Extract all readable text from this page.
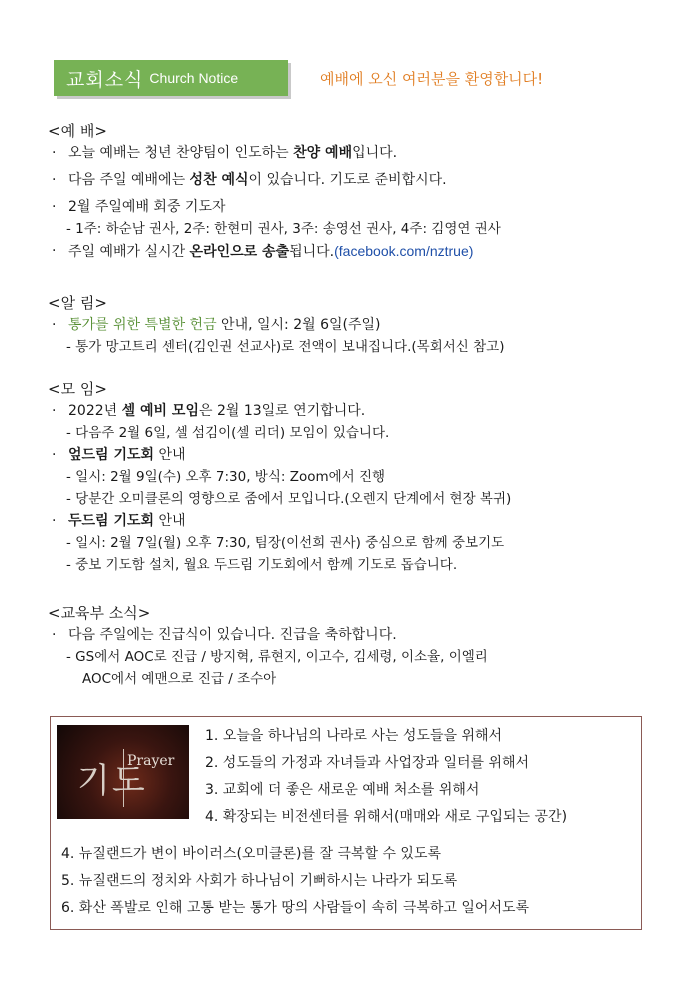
교회소식 Church Notice	예배에 오신 여러분을 환영합니다!
<예 배>
· 오늘 예배는 청년 찬양팀이 인도하는 찬양 예배입니다.
· 다음 주일 예배에는 성찬 예식이 있습니다. 기도로 준비합시다.
· 2월 주일예배 회중 기도자
- 1주: 하순남 권사, 2주: 한현미 권사, 3주: 송영선 권사, 4주: 김영연 권사
· 주일 예배가 실시간 온라인으로 송출됩니다.(facebook.com/nztrue)
<알 림>
· 통가를 위한 특별한 헌금 안내, 일시: 2월 6일(주일)
- 통가 망고트리 센터(김인권 선교사)로 전액이 보내집니다.(목회서신 참고)
<모 임>
· 2022년 셀 예비 모임은 2월 13일로 연기합니다.
- 다음주 2월 6일, 셀 섬김이(셀 리더) 모임이 있습니다.
· 엎드림 기도회 안내
- 일시: 2월 9일(수) 오후 7:30, 방식: Zoom에서 진행
- 당분간 오미클론의 영향으로 줌에서 모입니다.(오렌지 단계에서 현장 복귀)
· 두드림 기도회 안내
- 일시: 2월 7일(월) 오후 7:30, 팀장(이선희 권사) 중심으로 함께 중보기도
- 중보 기도함 설치, 월요 두드림 기도회에서 함께 기도로 돕습니다.
<교육부 소식>
· 다음 주일에는 진급식이 있습니다. 진급을 축하합니다.
- GS에서 AOC로 진급 / 방지혁, 류현지, 이고수, 김세령, 이소율, 이엘리
AOC에서 예맨으로 진급 / 조수아
기도
Prayer
1. 오늘을 하나님의 나라로 사는 성도들을 위해서
2. 성도들의 가정과 자녀들과 사업장과 일터를 위해서
3. 교회에 더 좋은 새로운 예배 처소를 위해서
4. 확장되는 비전센터를 위해서(매매와 새로 구입되는 공간)
4. 뉴질랜드가 변이 바이러스(오미클론)를 잘 극복할 수 있도록
5. 뉴질랜드의 정치와 사회가 하나님이 기뻐하시는 나라가 되도록
6. 화산 폭발로 인해 고통 받는 통가 땅의 사람들이 속히 극복하고 일어서도록
